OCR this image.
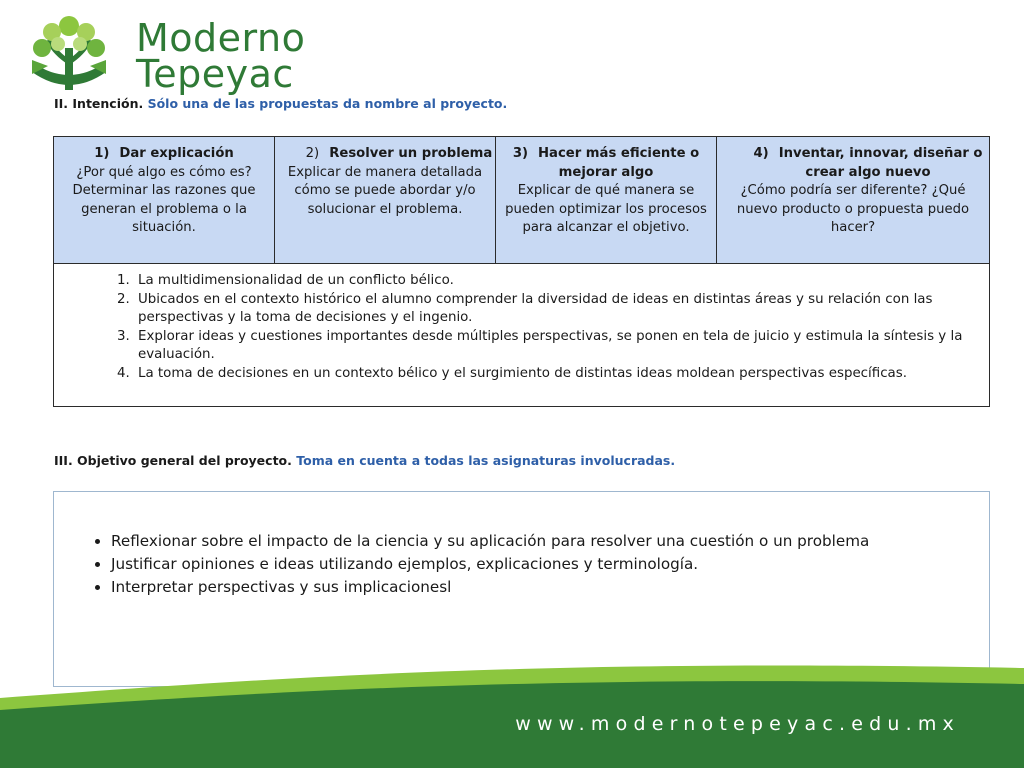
Moderno
Tepeyac
II. Intención. Sólo una de las propuestas da nombre al proyecto.
1) Dar explicación
¿Por qué algo es cómo es? Determinar las razones que generan el problema o la situación.

2) Resolver un problema
Explicar de manera detallada cómo se puede abordar y/o solucionar el problema.

3) Hacer más eficiente o mejorar algo
Explicar de qué manera se pueden optimizar los procesos para alcanzar el objetivo.

4) Inventar, innovar, diseñar o crear algo nuevo
¿Cómo podría ser diferente? ¿Qué nuevo producto o propuesta puedo hacer?

1. La multidimensionalidad de un conflicto bélico.
2. Ubicados en el contexto histórico el alumno comprender la diversidad de ideas en distintas áreas y su relación con las perspectivas y la toma de decisiones y el ingenio.
3. Explorar ideas y cuestiones importantes desde múltiples perspectivas, se ponen en tela de juicio y estimula la síntesis y la evaluación.
4. La toma de decisiones en un contexto bélico y el surgimiento de distintas ideas moldean perspectivas específicas.
III. Objetivo general del proyecto. Toma en cuenta a todas las asignaturas involucradas.
• Reflexionar sobre el impacto de la ciencia y su aplicación para resolver una cuestión o un problema
• Justificar opiniones e ideas utilizando ejemplos, explicaciones y terminología.
• Interpretar perspectivas y sus implicacionesl
www.modernotepeyac.edu.mx
